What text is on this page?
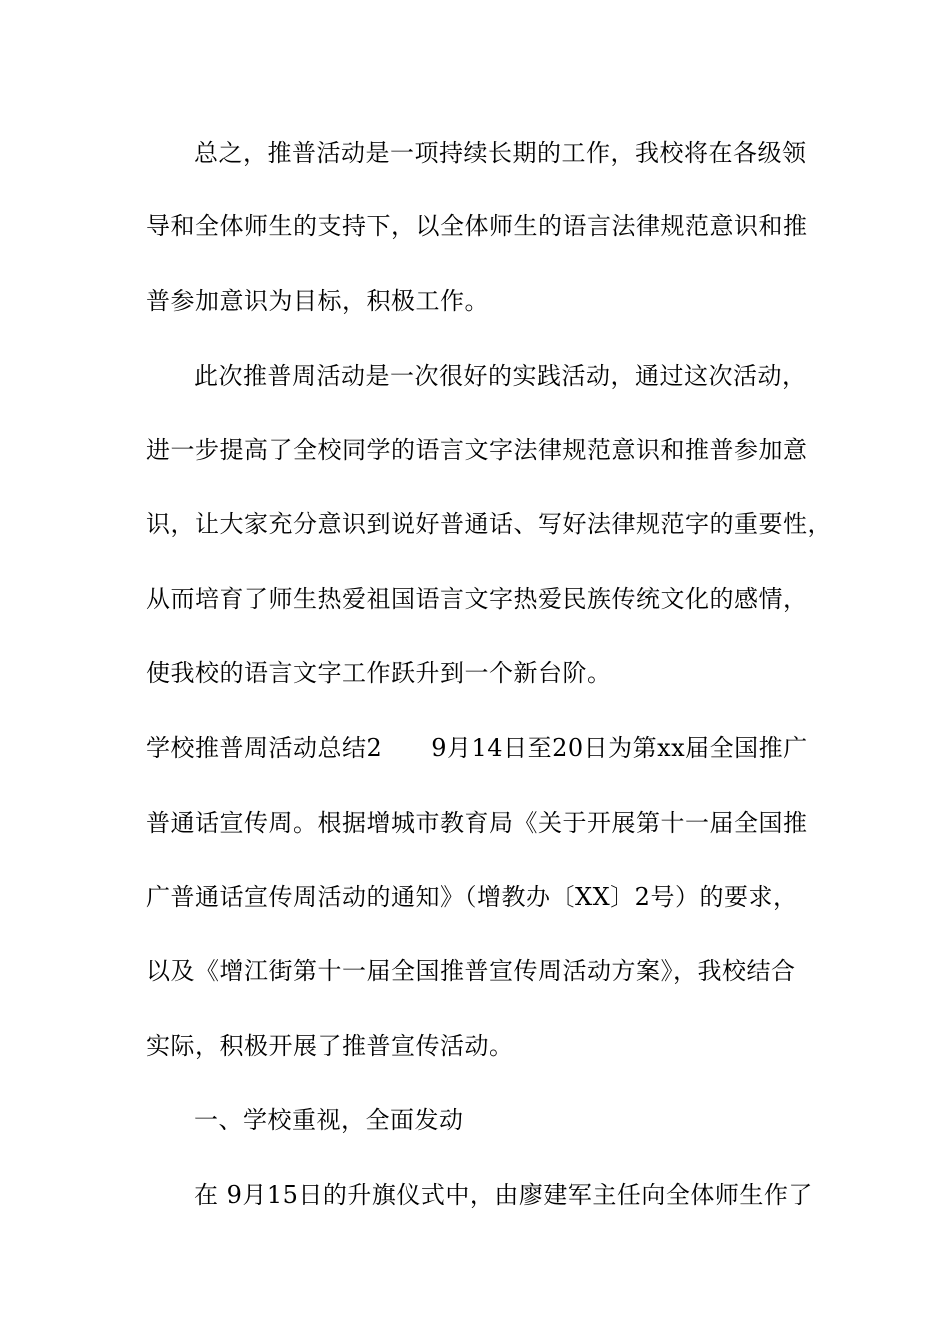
总之，推普活动是一项持续长期的工作，我校将在各级领
导和全体师生的支持下，以全体师生的语言法律规范意识和推
普参加意识为目标，积极工作。
此次推普周活动是一次很好的实践活动，通过这次活动，
进一步提高了全校同学的语言文字法律规范意识和推普参加意
识，让大家充分意识到说好普通话、写好法律规范字的重要性，
从而培育了师生热爱祖国语言文字热爱民族传统文化的感情，
使我校的语言文字工作跃升到一个新台阶。
学校推普周活动总结2　　9月14日至20日为第xx届全国推广
普通话宣传周。根据增城市教育局《关于开展第十一届全国推
广普通话宣传周活动的通知》（增教办〔XX〕2号）的要求，
以及《增江街第十一届全国推普宣传周活动方案》，我校结合
实际，积极开展了推普宣传活动。
一、学校重视，全面发动
在 9月15日的升旗仪式中，由廖建军主任向全体师生作了
